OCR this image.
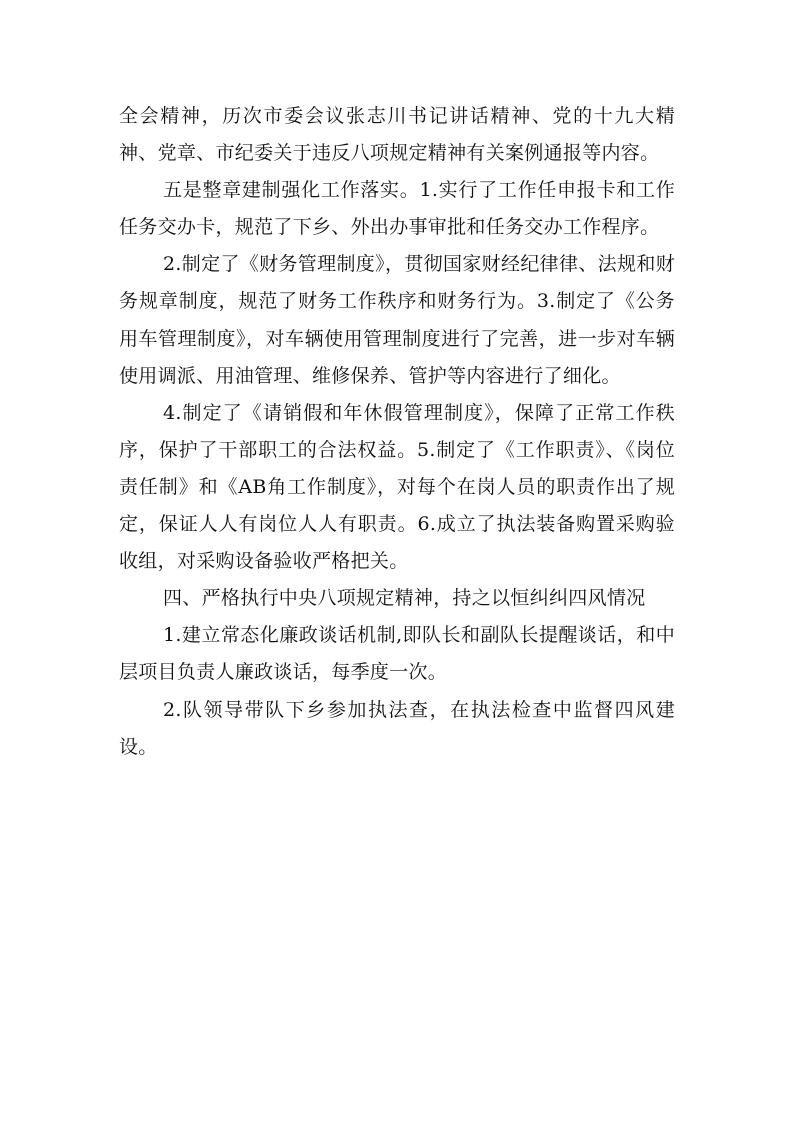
全会精神，历次市委会议张志川书记讲话精神、党的十九大精神、党章、市纪委关于违反八项规定精神有关案例通报等内容。

五是整章建制强化工作落实。1.实行了工作任申报卡和工作任务交办卡，规范了下乡、外出办事审批和任务交办工作程序。

2.制定了《财务管理制度》，贯彻国家财经纪律律、法规和财务规章制度，规范了财务工作秩序和财务行为。3.制定了《公务用车管理制度》，对车辆使用管理制度进行了完善，进一步对车辆使用调派、用油管理、维修保养、管护等内容进行了细化。

4.制定了《请销假和年休假管理制度》，保障了正常工作秩序，保护了干部职工的合法权益。5.制定了《工作职责》、《岗位责任制》和《AB角工作制度》，对每个在岗人员的职责作出了规定，保证人人有岗位人人有职责。6.成立了执法装备购置采购验收组，对采购设备验收严格把关。

四、严格执行中央八项规定精神，持之以恒纠纠四风情况

1.建立常态化廉政谈话机制,即队长和副队长提醒谈话，和中层项目负责人廉政谈话，每季度一次。

2.队领导带队下乡参加执法查，在执法检查中监督四风建设。
